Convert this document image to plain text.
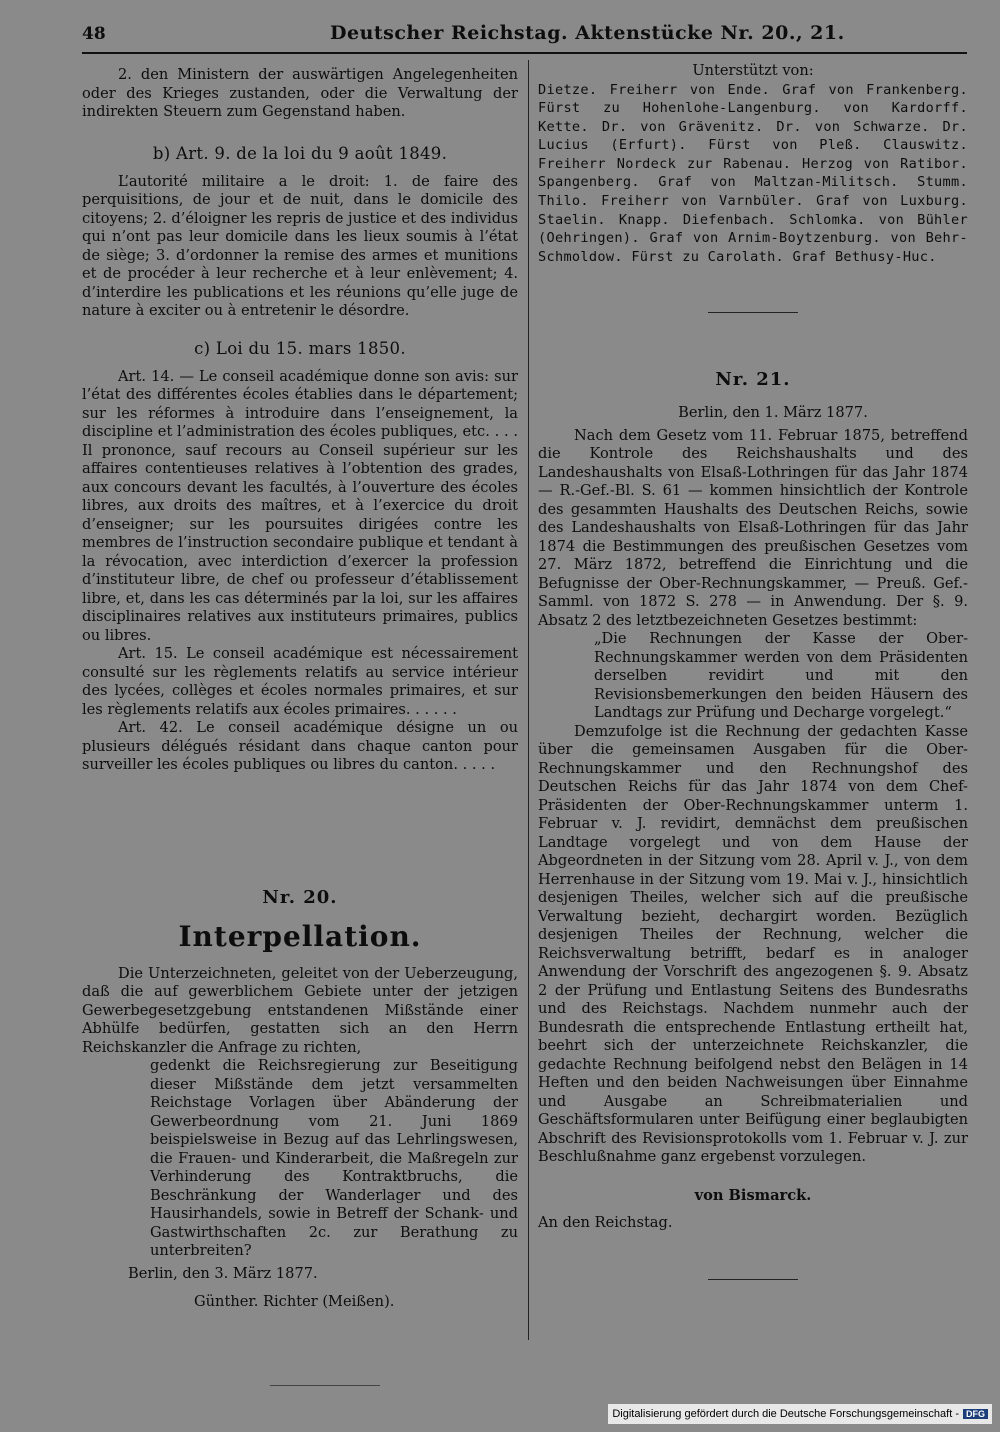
48	Deutscher Reichstag. Aktenstücke Nr. 20., 21.

2. den Ministern der auswärtigen Angelegenheiten oder des Krieges zustanden, oder die Verwaltung der indirekten Steuern zum Gegenstand haben.

b) Art. 9. de la loi du 9 août 1849.

L’autorité militaire a le droit: 1. de faire des perquisitions, de jour et de nuit, dans le domicile des citoyens; 2. d’éloigner les repris de justice et des individus qui n’ont pas leur domicile dans les lieux soumis à l’état de siège; 3. d’ordonner la remise des armes et munitions et de procéder à leur recherche et à leur enlèvement; 4. d’interdire les publications et les réunions qu’elle juge de nature à exciter ou à entretenir le désordre.

c) Loi du 15. mars 1850.

Art. 14. — Le conseil académique donne son avis: sur l’état des différentes écoles établies dans le département; sur les réformes à introduire dans l’enseignement, la discipline et l’administration des écoles publiques, etc. . . . Il prononce, sauf recours au Conseil supérieur sur les affaires contentieuses relatives à l’obtention des grades, aux concours devant les facultés, à l’ouverture des écoles libres, aux droits des maîtres, et à l’exercice du droit d’enseigner; sur les poursuites dirigées contre les membres de l’instruction secondaire publique et tendant à la révocation, avec interdiction d’exercer la profession d’instituteur libre, de chef ou professeur d’établissement libre, et, dans les cas déterminés par la loi, sur les affaires disciplinaires relatives aux instituteurs primaires, publics ou libres.

Art. 15. Le conseil académique est nécessairement consulté sur les règlements relatifs au service intérieur des lycées, collèges et écoles normales primaires, et sur les règlements relatifs aux écoles primaires. . . . . .

Art. 42. Le conseil académique désigne un ou plusieurs délégués résidant dans chaque canton pour surveiller les écoles publiques ou libres du canton. . . . .

Nr. 20.
Interpellation.

Die Unterzeichneten, geleitet von der Ueberzeugung, daß die auf gewerblichem Gebiete unter der jetzigen Gewerbegesetzgebung entstandenen Mißstände einer Abhülfe bedürfen, gestatten sich an den Herrn Reichskanzler die Anfrage zu richten,

gedenkt die Reichsregierung zur Beseitigung dieser Mißstände dem jetzt versammelten Reichstage Vorlagen über Abänderung der Gewerbeordnung vom 21. Juni 1869 beispielsweise in Bezug auf das Lehrlingswesen, die Frauen- und Kinderarbeit, die Maßregeln zur Verhinderung des Kontraktbruchs, die Beschränkung der Wanderlager und des Hausirhandels, sowie in Betreff der Schank- und Gastwirthschaften 2c. zur Berathung zu unterbreiten?

Berlin, den 3. März 1877.

Günther. Richter (Meißen).

Unterstützt von:

Dietze. Freiherr von Ende. Graf von Frankenberg. Fürst zu Hohenlohe-Langenburg. von Kardorff. Kette. Dr. von Grävenitz. Dr. von Schwarze. Dr. Lucius (Erfurt). Fürst von Pleß. Clauswitz. Freiherr Nordeck zur Rabenau. Herzog von Ratibor. Spangenberg. Graf von Maltzan-Militsch. Stumm. Thilo. Freiherr von Varnbüler. Graf von Luxburg. Staelin. Knapp. Diefenbach. Schlomka. von Bühler (Oehringen). Graf von Arnim-Boytzenburg. von Behr-Schmoldow. Fürst zu Carolath. Graf Bethusy-Huc.

Nr. 21.
Berlin, den 1. März 1877.

Nach dem Gesetz vom 11. Februar 1875, betreffend die Kontrole des Reichshaushalts und des Landeshaushalts von Elsaß-Lothringen für das Jahr 1874 — R.-Gef.-Bl. S. 61 — kommen hinsichtlich der Kontrole des gesammten Haushalts des Deutschen Reichs, sowie des Landeshaushalts von Elsaß-Lothringen für das Jahr 1874 die Bestimmungen des preußischen Gesetzes vom 27. März 1872, betreffend die Einrichtung und die Befugnisse der Ober-Rechnungskammer, — Preuß. Gef.-Samml. von 1872 S. 278 — in Anwendung. Der §. 9. Absatz 2 des letztbezeichneten Gesetzes bestimmt:

„Die Rechnungen der Kasse der Ober-Rechnungskammer werden von dem Präsidenten derselben revidirt und mit den Revisionsbemerkungen den beiden Häusern des Landtags zur Prüfung und Decharge vorgelegt.“

Demzufolge ist die Rechnung der gedachten Kasse über die gemeinsamen Ausgaben für die Ober-Rechnungskammer und den Rechnungshof des Deutschen Reichs für das Jahr 1874 von dem Chef-Präsidenten der Ober-Rechnungskammer unterm 1. Februar v. J. revidirt, demnächst dem preußischen Landtage vorgelegt und von dem Hause der Abgeordneten in der Sitzung vom 28. April v. J., von dem Herrenhause in der Sitzung vom 19. Mai v. J., hinsichtlich desjenigen Theiles, welcher sich auf die preußische Verwaltung bezieht, dechargirt worden. Bezüglich desjenigen Theiles der Rechnung, welcher die Reichsverwaltung betrifft, bedarf es in analoger Anwendung der Vorschrift des angezogenen §. 9. Absatz 2 der Prüfung und Entlastung Seitens des Bundesraths und des Reichstags. Nachdem nunmehr auch der Bundesrath die entsprechende Entlastung ertheilt hat, beehrt sich der unterzeichnete Reichskanzler, die gedachte Rechnung beifolgend nebst den Belägen in 14 Heften und den beiden Nachweisungen über Einnahme und Ausgabe an Schreibmaterialien und Geschäftsformularen unter Beifügung einer beglaubigten Abschrift des Revisionsprotokolls vom 1. Februar v. J. zur Beschlußnahme ganz ergebenst vorzulegen.

von Bismarck.
An den Reichstag.
Digitalisierung gefördert durch die Deutsche Forschungsgemeinschaft - DFG
